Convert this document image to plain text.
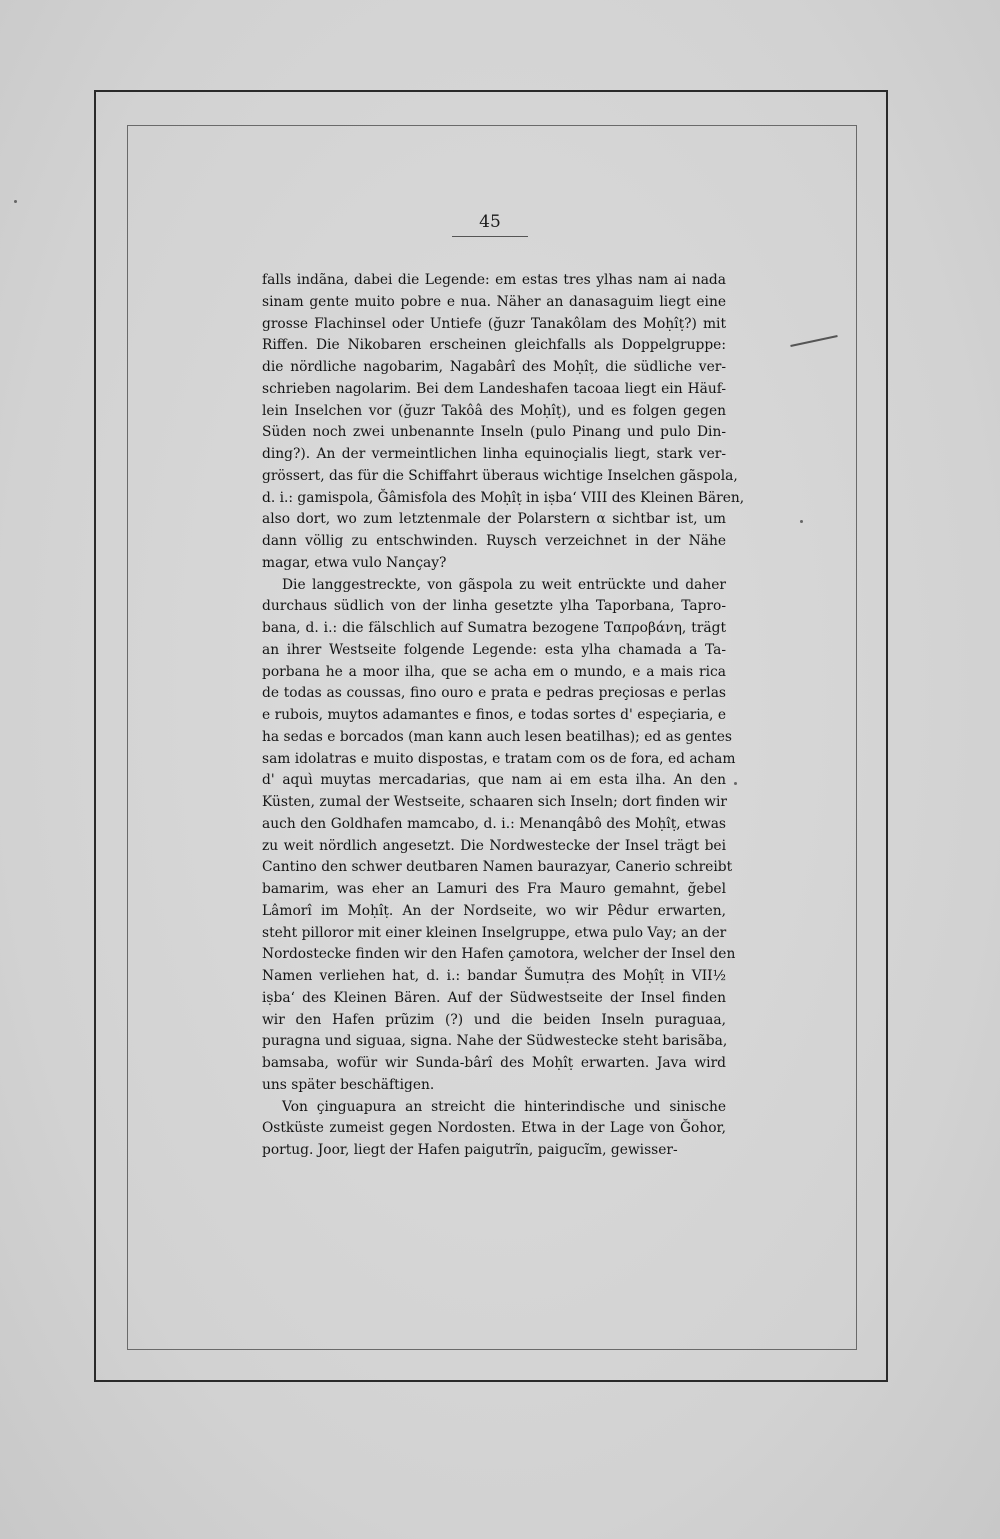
45
falls indãna, dabei die Legende: em estas tres ylhas nam ai nada
sinam gente muito pobre e nua. Näher an danasaguim liegt eine
grosse Flachinsel oder Untiefe (ğuzr Tanakôlam des Moḥîṭ?) mit
Riffen. Die Nikobaren erscheinen gleichfalls als Doppelgruppe:
die nördliche nagobarim, Nagabârî des Moḥîṭ, die südliche ver-
schrieben nagolarim. Bei dem Landeshafen tacoaa liegt ein Häuf-
lein Inselchen vor (ğuzr Takôâ des Moḥîṭ), und es folgen gegen
Süden noch zwei unbenannte Inseln (pulo Pinang und pulo Din-
ding?). An der vermeintlichen linha equinoçialis liegt, stark ver-
grössert, das für die Schiffahrt überaus wichtige Inselchen gãspola,
d. i.: gamispola, Ğâmisfola des Moḥîṭ in iṣba‘ VIII des Kleinen Bären,
also dort, wo zum letztenmale der Polarstern α sichtbar ist, um
dann völlig zu entschwinden. Ruysch verzeichnet in der Nähe
magar, etwa vulo Nançay?
Die langgestreckte, von gãspola zu weit entrückte und daher
durchaus südlich von der linha gesetzte ylha Taporbana, Tapro-
bana, d. i.: die fälschlich auf Sumatra bezogene Ταπροβάνη, trägt
an ihrer Westseite folgende Legende: esta ylha chamada a Ta-
porbana he a moor ilha, que se acha em o mundo, e a mais rica
de todas as coussas, fino ouro e prata e pedras preçiosas e perlas
e rubois, muytos adamantes e finos, e todas sortes d' espeçiaria, e
ha sedas e borcados (man kann auch lesen beatilhas); ed as gentes
sam idolatras e muito dispostas, e tratam com os de fora, ed acham
d' aquì muytas mercadarias, que nam ai em esta ilha. An den
Küsten, zumal der Westseite, schaaren sich Inseln; dort finden wir
auch den Goldhafen mamcabo, d. i.: Menanqâbô des Moḥîṭ, etwas
zu weit nördlich angesetzt. Die Nordwestecke der Insel trägt bei
Cantino den schwer deutbaren Namen baurazyar, Canerio schreibt
bamarim, was eher an Lamuri des Fra Mauro gemahnt, ğebel
Lâmorî im Moḥîṭ. An der Nordseite, wo wir Pêdur erwarten,
steht pilloror mit einer kleinen Inselgruppe, etwa pulo Vay; an der
Nordostecke finden wir den Hafen çamotora, welcher der Insel den
Namen verliehen hat, d. i.: bandar Šumuṭra des Moḥîṭ in VII½
iṣba‘ des Kleinen Bären. Auf der Südwestseite der Insel finden
wir den Hafen prũzim (?) und die beiden Inseln puraguaa,
puragna und siguaa, signa. Nahe der Südwestecke steht barisãba,
bamsaba, wofür wir Sunda-bârî des Moḥîṭ erwarten. Java wird
uns später beschäftigen.
Von çinguapura an streicht die hinterindische und sinische
Ostküste zumeist gegen Nordosten. Etwa in der Lage von Ğohor,
portug. Joor, liegt der Hafen paigutrĩn, paigucĩm, gewisser-
